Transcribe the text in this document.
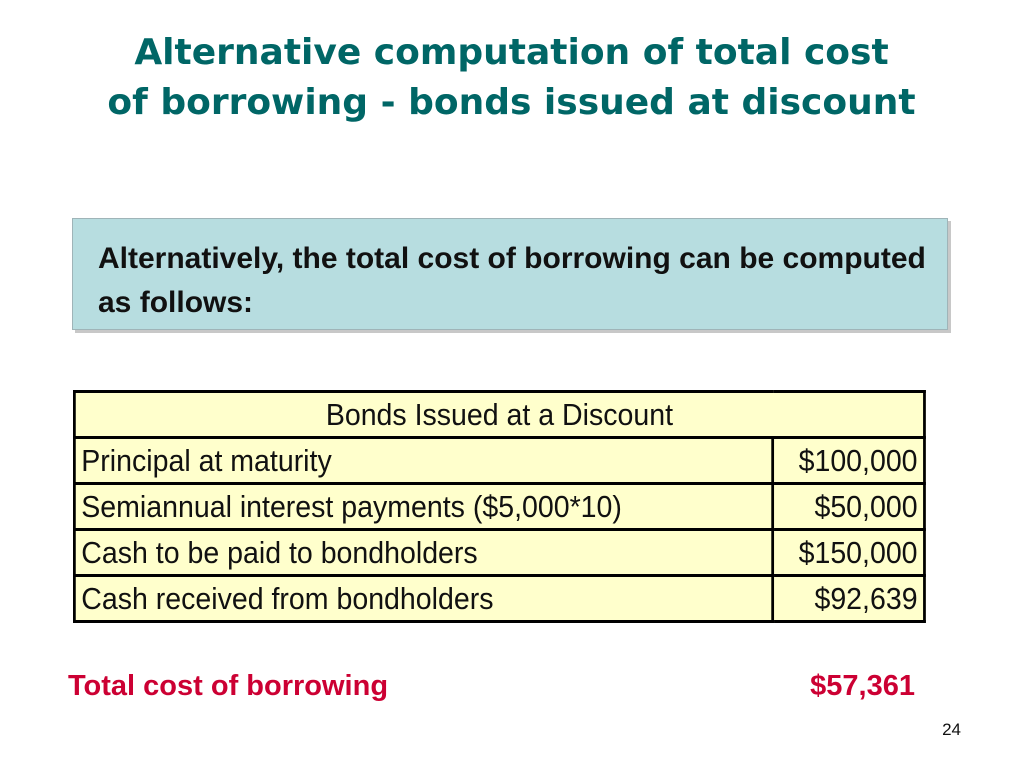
Alternative computation of total cost
of borrowing - bonds issued at discount
Alternatively, the total cost of borrowing can be computed as follows:
Bonds Issued at a Discount	
Principal at maturity	$100,000
Semiannual interest payments ($5,000*10)	$50,000
Cash to be paid to bondholders	$150,000
Cash received from bondholders	$92,639
Total cost of borrowing	$57,361
24
